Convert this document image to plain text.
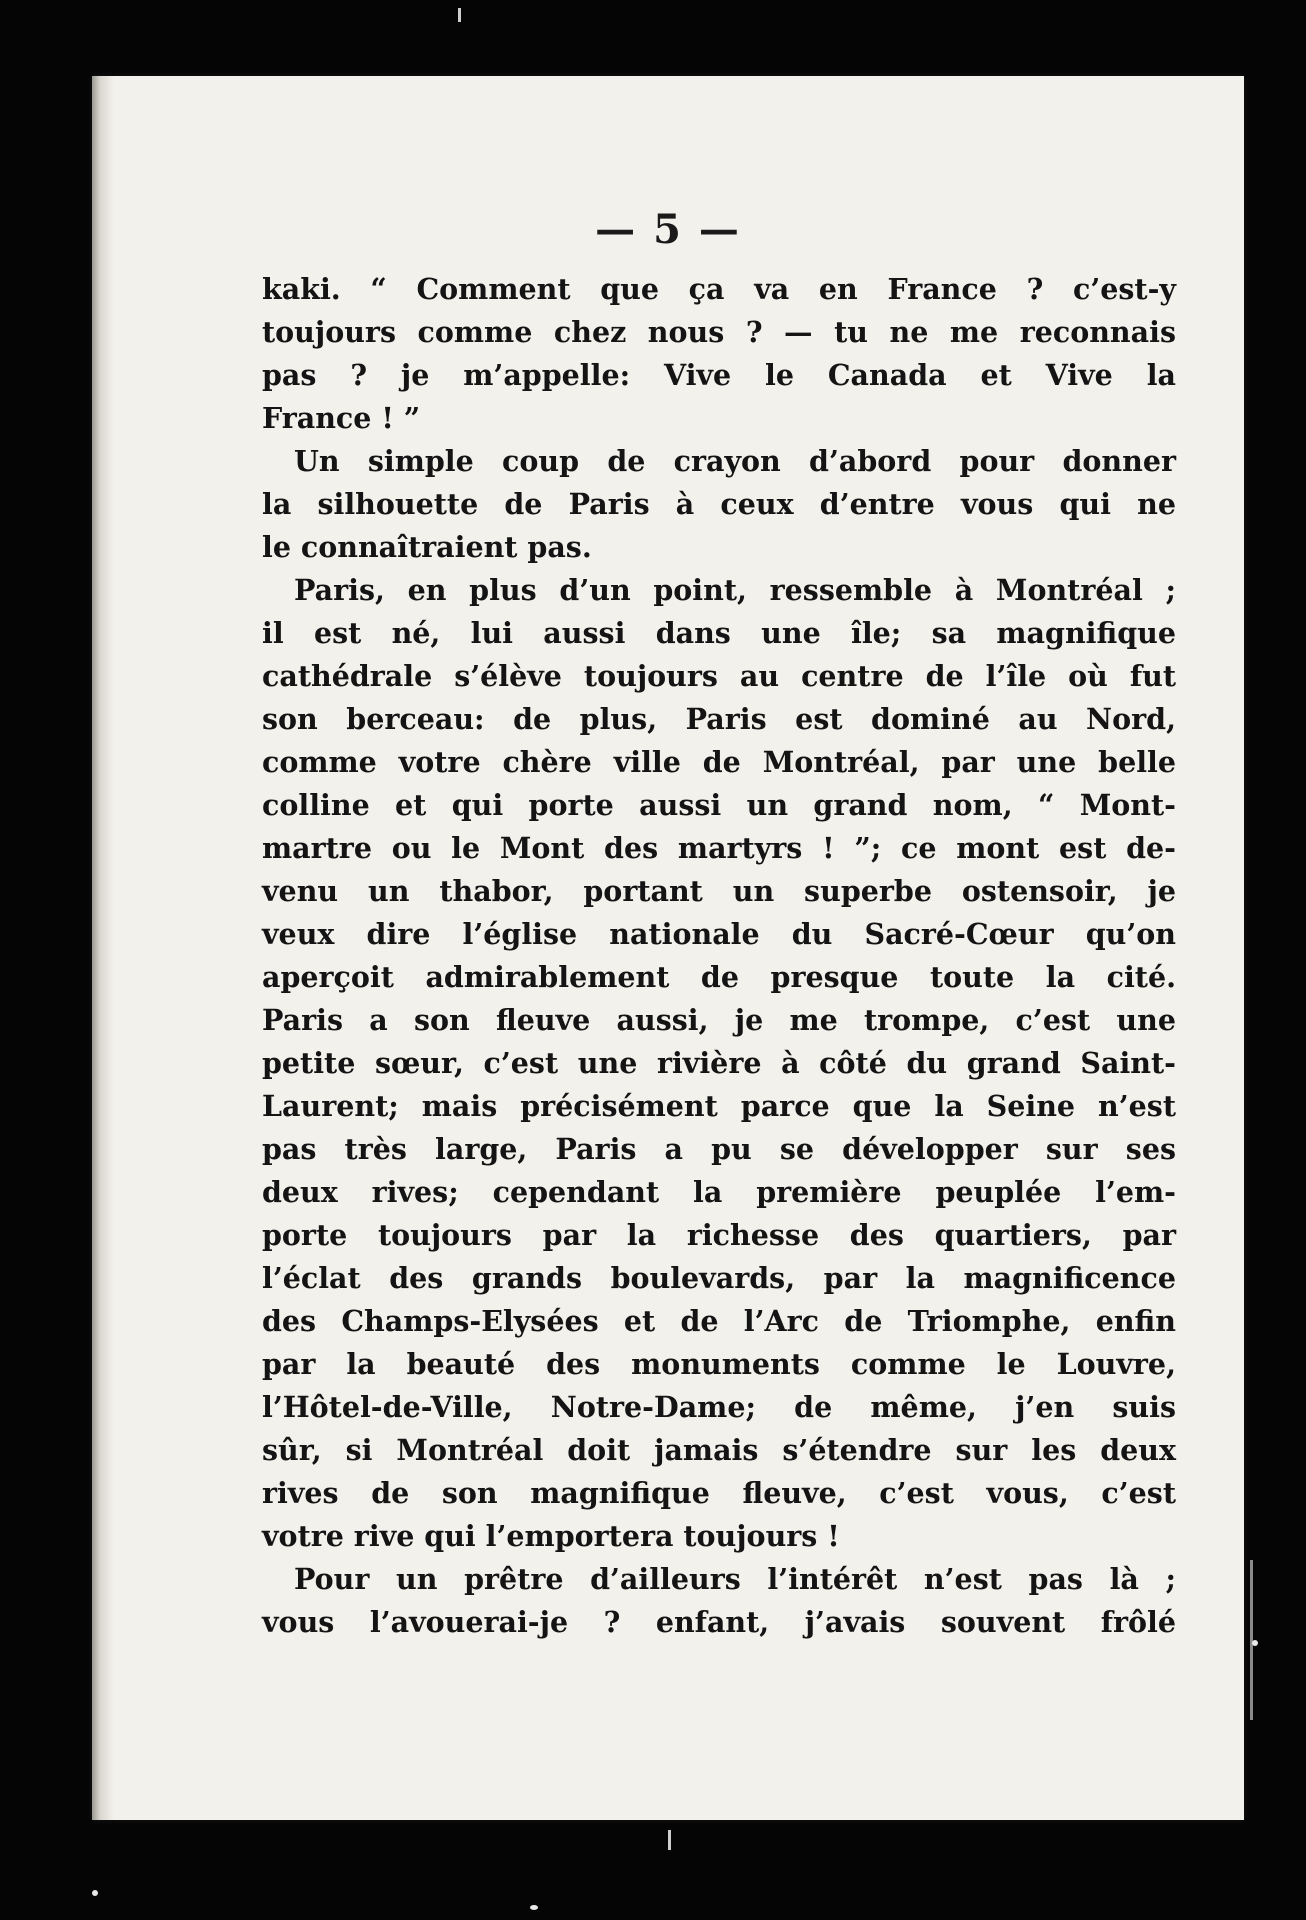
— 5 —
kaki. “ Comment que ça va en France ? c’est-y
toujours comme chez nous ? — tu ne me reconnais
pas ? je m’appelle: Vive le Canada et Vive la
France ! ”
Un simple coup de crayon d’abord pour donner
la silhouette de Paris à ceux d’entre vous qui ne
le connaîtraient pas.
Paris, en plus d’un point, ressemble à Montréal ;
il est né, lui aussi dans une île; sa magnifique
cathédrale s’élève toujours au centre de l’île où fut
son berceau: de plus, Paris est dominé au Nord,
comme votre chère ville de Montréal, par une belle
colline et qui porte aussi un grand nom, “ Mont-
martre ou le Mont des martyrs ! ”; ce mont est de-
venu un thabor, portant un superbe ostensoir, je
veux dire l’église nationale du Sacré-Cœur qu’on
aperçoit admirablement de presque toute la cité.
Paris a son fleuve aussi, je me trompe, c’est une
petite sœur, c’est une rivière à côté du grand Saint-
Laurent; mais précisément parce que la Seine n’est
pas très large, Paris a pu se développer sur ses
deux rives; cependant la première peuplée l’em-
porte toujours par la richesse des quartiers, par
l’éclat des grands boulevards, par la magnificence
des Champs-Elysées et de l’Arc de Triomphe, enfin
par la beauté des monuments comme le Louvre,
l’Hôtel-de-Ville, Notre-Dame; de même, j’en suis
sûr, si Montréal doit jamais s’étendre sur les deux
rives de son magnifique fleuve, c’est vous, c’est
votre rive qui l’emportera toujours !
Pour un prêtre d’ailleurs l’intérêt n’est pas là ;
vous l’avouerai-je ? enfant, j’avais souvent frôlé
